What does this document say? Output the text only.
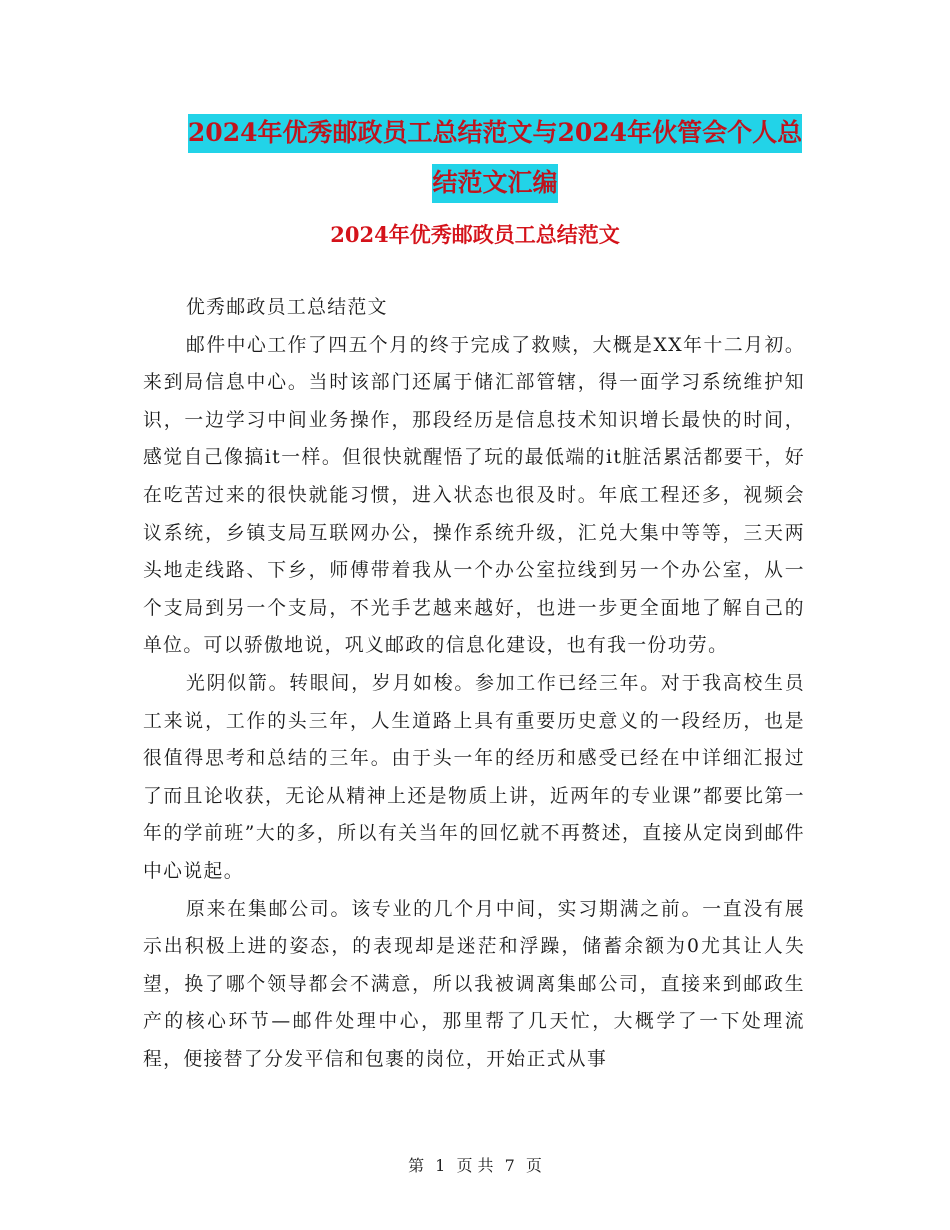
2024年优秀邮政员工总结范文与2024年伙管会个人总
结范文汇编
2024年优秀邮政员工总结范文

优秀邮政员工总结范文

邮件中心工作了四五个月的终于完成了救赎，大概是XX年十二月初。来到局信息中心。当时该部门还属于储汇部管辖，得一面学习系统维护知识，一边学习中间业务操作，那段经历是信息技术知识增长最快的时间，感觉自己像搞it一样。但很快就醒悟了玩的最低端的it脏活累活都要干，好在吃苦过来的很快就能习惯，进入状态也很及时。年底工程还多，视频会议系统，乡镇支局互联网办公，操作系统升级，汇兑大集中等等，三天两头地走线路、下乡，师傅带着我从一个办公室拉线到另一个办公室，从一个支局到另一个支局，不光手艺越来越好，也进一步更全面地了解自己的单位。可以骄傲地说，巩义邮政的信息化建设，也有我一份功劳。

光阴似箭。转眼间，岁月如梭。参加工作已经三年。对于我高校生员工来说，工作的头三年，人生道路上具有重要历史意义的一段经历，也是很值得思考和总结的三年。由于头一年的经历和感受已经在中详细汇报过了而且论收获，无论从精神上还是物质上讲，近两年的专业课”都要比第一年的学前班”大的多，所以有关当年的回忆就不再赘述，直接从定岗到邮件中心说起。

原来在集邮公司。该专业的几个月中间，实习期满之前。一直没有展示出积极上进的姿态，的表现却是迷茫和浮躁，储蓄余额为0尤其让人失望，换了哪个领导都会不满意，所以我被调离集邮公司，直接来到邮政生产的核心环节—邮件处理中心，那里帮了几天忙，大概学了一下处理流程，便接替了分发平信和包裹的岗位，开始正式从事

第 1 页 共 7 页
